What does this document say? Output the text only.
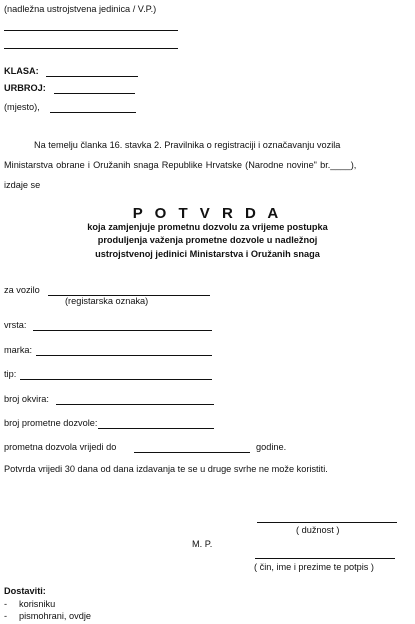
(nadležna ustrojstvena jedinica / V.P.)
KLASA:
URBROJ:
(mjesto),
Na temelju članka 16. stavka 2. Pravilnika o registraciji i označavanju vozila
Ministarstva obrane i Oružanih snaga Republike Hrvatske (Narodne novine" br.____),
izdaje se
P O T V R D A
koja zamjenjuje prometnu dozvolu za vrijeme postupka
produljenja važenja prometne dozvole u nadležnoj
ustrojstvenoj jedinici Ministarstva i Oružanih snaga
za vozilo
(registarska oznaka)
vrsta:
marka:
tip:
broj okvira:
broj prometne dozvole:
prometna dozvola vrijedi do	godine.
Potvrda vrijedi 30 dana od dana izdavanja te se u druge svrhe ne može koristiti.
( dužnost )
M. P.
( čin, ime i prezime te potpis )
Dostaviti:
- korisniku
- pismohrani, ovdje
